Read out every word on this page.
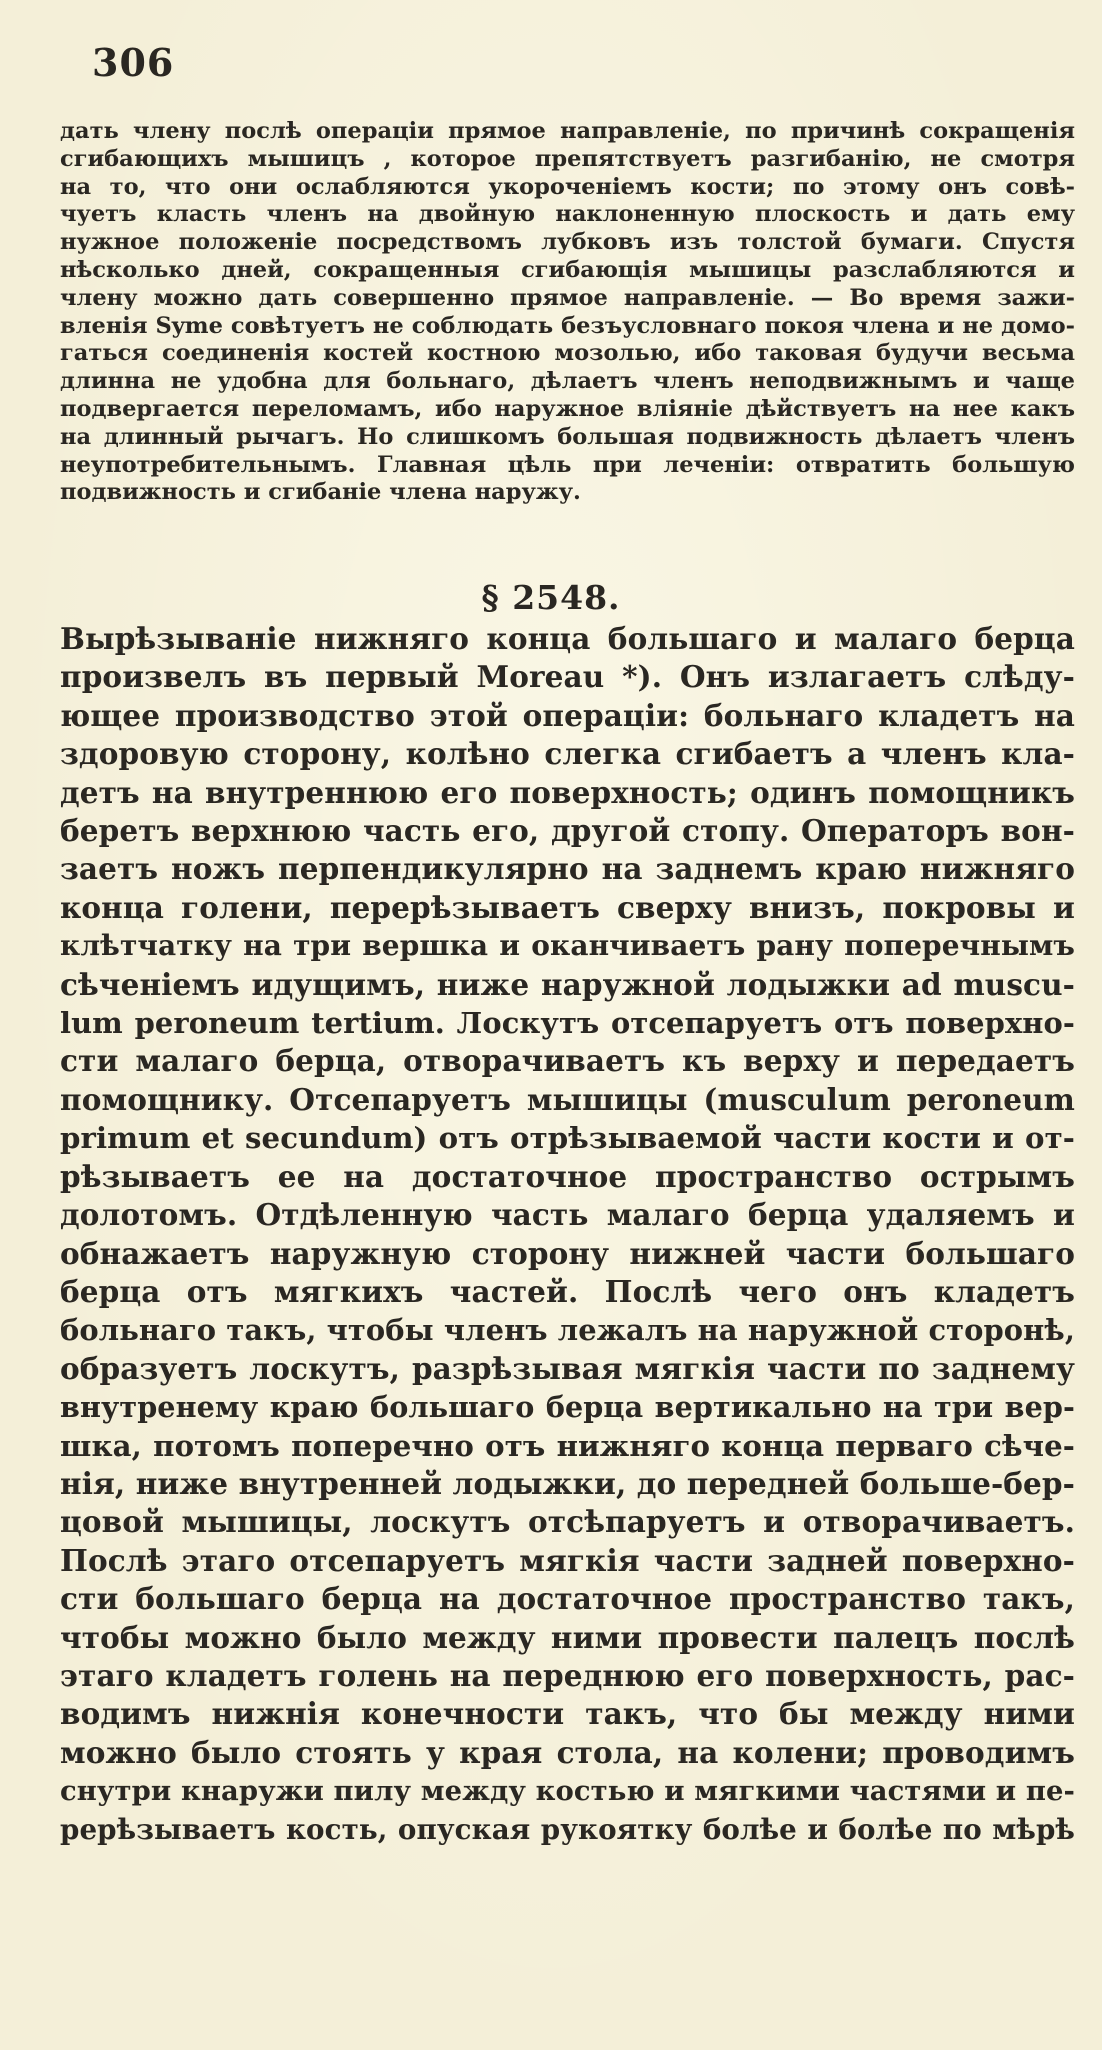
306
дать члену послѣ операціи прямое направленіе, по причинѣ сокращенія
сгибающихъ мышицъ , которое препятствуетъ разгибанію, не смотря
на то, что они ослабляются укороченіемъ кости; по этому онъ совѣ-
чуетъ класть членъ на двойную наклоненную плоскость и дать ему
нужное положеніе посредствомъ лубковъ изъ толстой бумаги. Спустя
нѣсколько дней, сокращенныя сгибающія мышицы разслабляются и
члену можно дать совершенно прямое направленіе. — Во время зажи-
вленія Syme совѣтуетъ не соблюдать безъусловнаго покоя члена и не домо-
гаться соединенія костей костною мозолью, ибо таковая будучи весьма
длинна не удобна для больнаго, дѣлаетъ членъ неподвижнымъ и чаще
подвергается переломамъ, ибо наружное вліяніе дѣйствуетъ на нее какъ
на длинный рычагъ. Но слишкомъ большая подвижность дѣлаетъ членъ
неупотребительнымъ. Главная цѣль при леченіи: отвратить большую
подвижность и сгибаніе члена наружу.
§ 2548.
Вырѣзываніе нижняго конца большаго и малаго берца
произвелъ въ первый Moreau *). Онъ излагаетъ слѣду-
ющее производство этой операціи: больнаго кладетъ на
здоровую сторону, колѣно слегка сгибаетъ а членъ кла-
детъ на внутреннюю его поверхность; одинъ помощникъ
беретъ верхнюю часть его, другой стопу. Операторъ вон-
заетъ ножъ перпендикулярно на заднемъ краю нижняго
конца голени, перерѣзываетъ сверху внизъ, покровы и
клѣтчатку на три вершка и оканчиваетъ рану поперечнымъ
сѣченіемъ идущимъ, ниже наружной лодыжки ad muscu-
lum peroneum tertium. Лоскутъ отсепаруетъ отъ поверхно-
сти малаго берца, отворачиваетъ къ верху и передаетъ
помощнику. Отсепаруетъ мышицы (musculum peroneum
primum et secundum) отъ отрѣзываемой части кости и от-
рѣзываетъ ее на достаточное пространство острымъ
долотомъ. Отдѣленную часть малаго берца удаляемъ и
обнажаетъ наружную сторону нижней части большаго
берца отъ мягкихъ частей. Послѣ чего онъ кладетъ
больнаго такъ, чтобы членъ лежалъ на наружной сторонѣ,
образуетъ лоскутъ, разрѣзывая мягкія части по заднему
внутренему краю большаго берца вертикально на три вер-
шка, потомъ поперечно отъ нижняго конца перваго сѣче-
нія, ниже внутренней лодыжки, до передней больше-бер-
цовой мышицы, лоскутъ отсѣпаруетъ и отворачиваетъ.
Послѣ этаго отсепаруетъ мягкія части задней поверхно-
сти большаго берца на достаточное пространство такъ,
чтобы можно было между ними провести палецъ послѣ
этаго кладетъ голень на переднюю его поверхность, рас-
водимъ нижнія конечности такъ, что бы между ними
можно было стоять у края стола, на колени; проводимъ
снутри кнаружи пилу между костью и мягкими частями и пе-
рерѣзываетъ кость, опуская рукоятку болѣе и болѣе по мѣрѣ
